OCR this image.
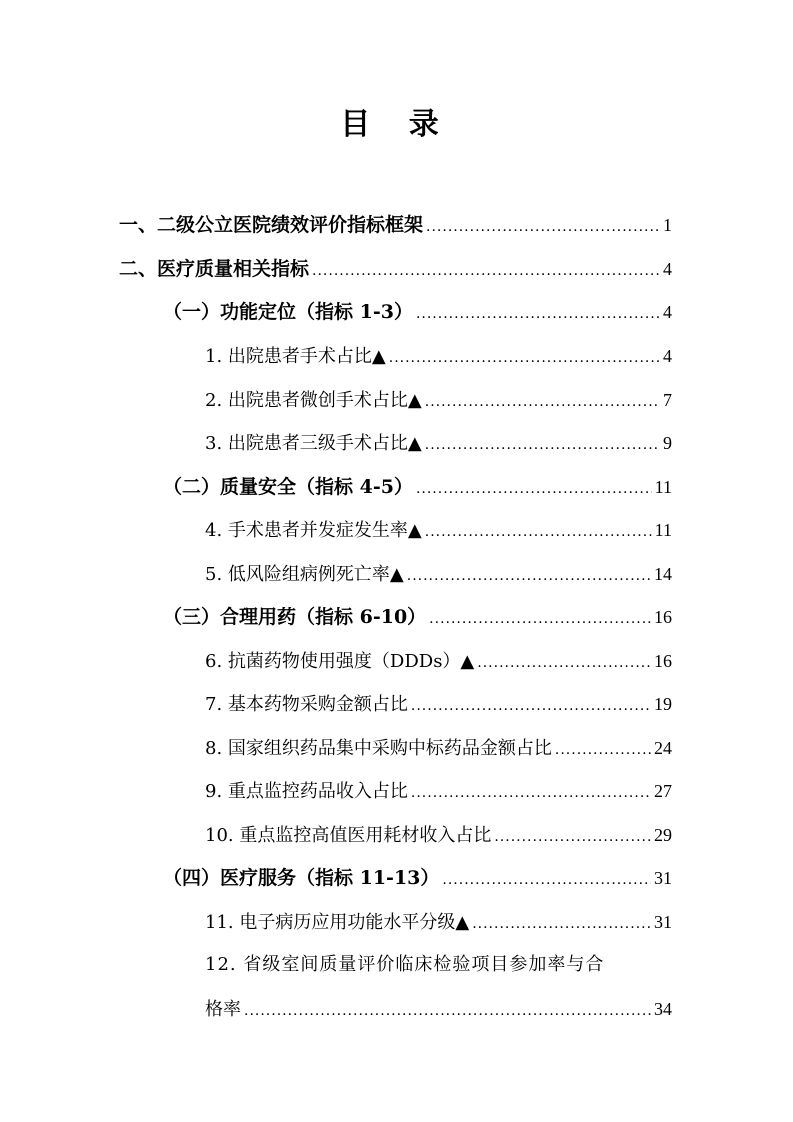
目 录
一、二级公立医院绩效评价指标框架 .....	1
二、医疗质量相关指标 .....	4
（一）功能定位（指标 1-3） .....	4
1. 出院患者手术占比▲ .....	4
2. 出院患者微创手术占比▲ .....	7
3. 出院患者三级手术占比▲ .....	9
（二）质量安全（指标 4-5） .....	11
4. 手术患者并发症发生率▲ .....	11
5. 低风险组病例死亡率▲ .....	14
（三）合理用药（指标 6-10） .....	16
6. 抗菌药物使用强度（DDDs）▲ .....	16
7. 基本药物采购金额占比 .....	19
8. 国家组织药品集中采购中标药品金额占比 .....	24
9. 重点监控药品收入占比 .....	27
10. 重点监控高值医用耗材收入占比 .....	29
（四）医疗服务（指标 11-13） .....	31
11. 电子病历应用功能水平分级▲ .....	31
12. 省级室间质量评价临床检验项目参加率与合
格率 .....	34
